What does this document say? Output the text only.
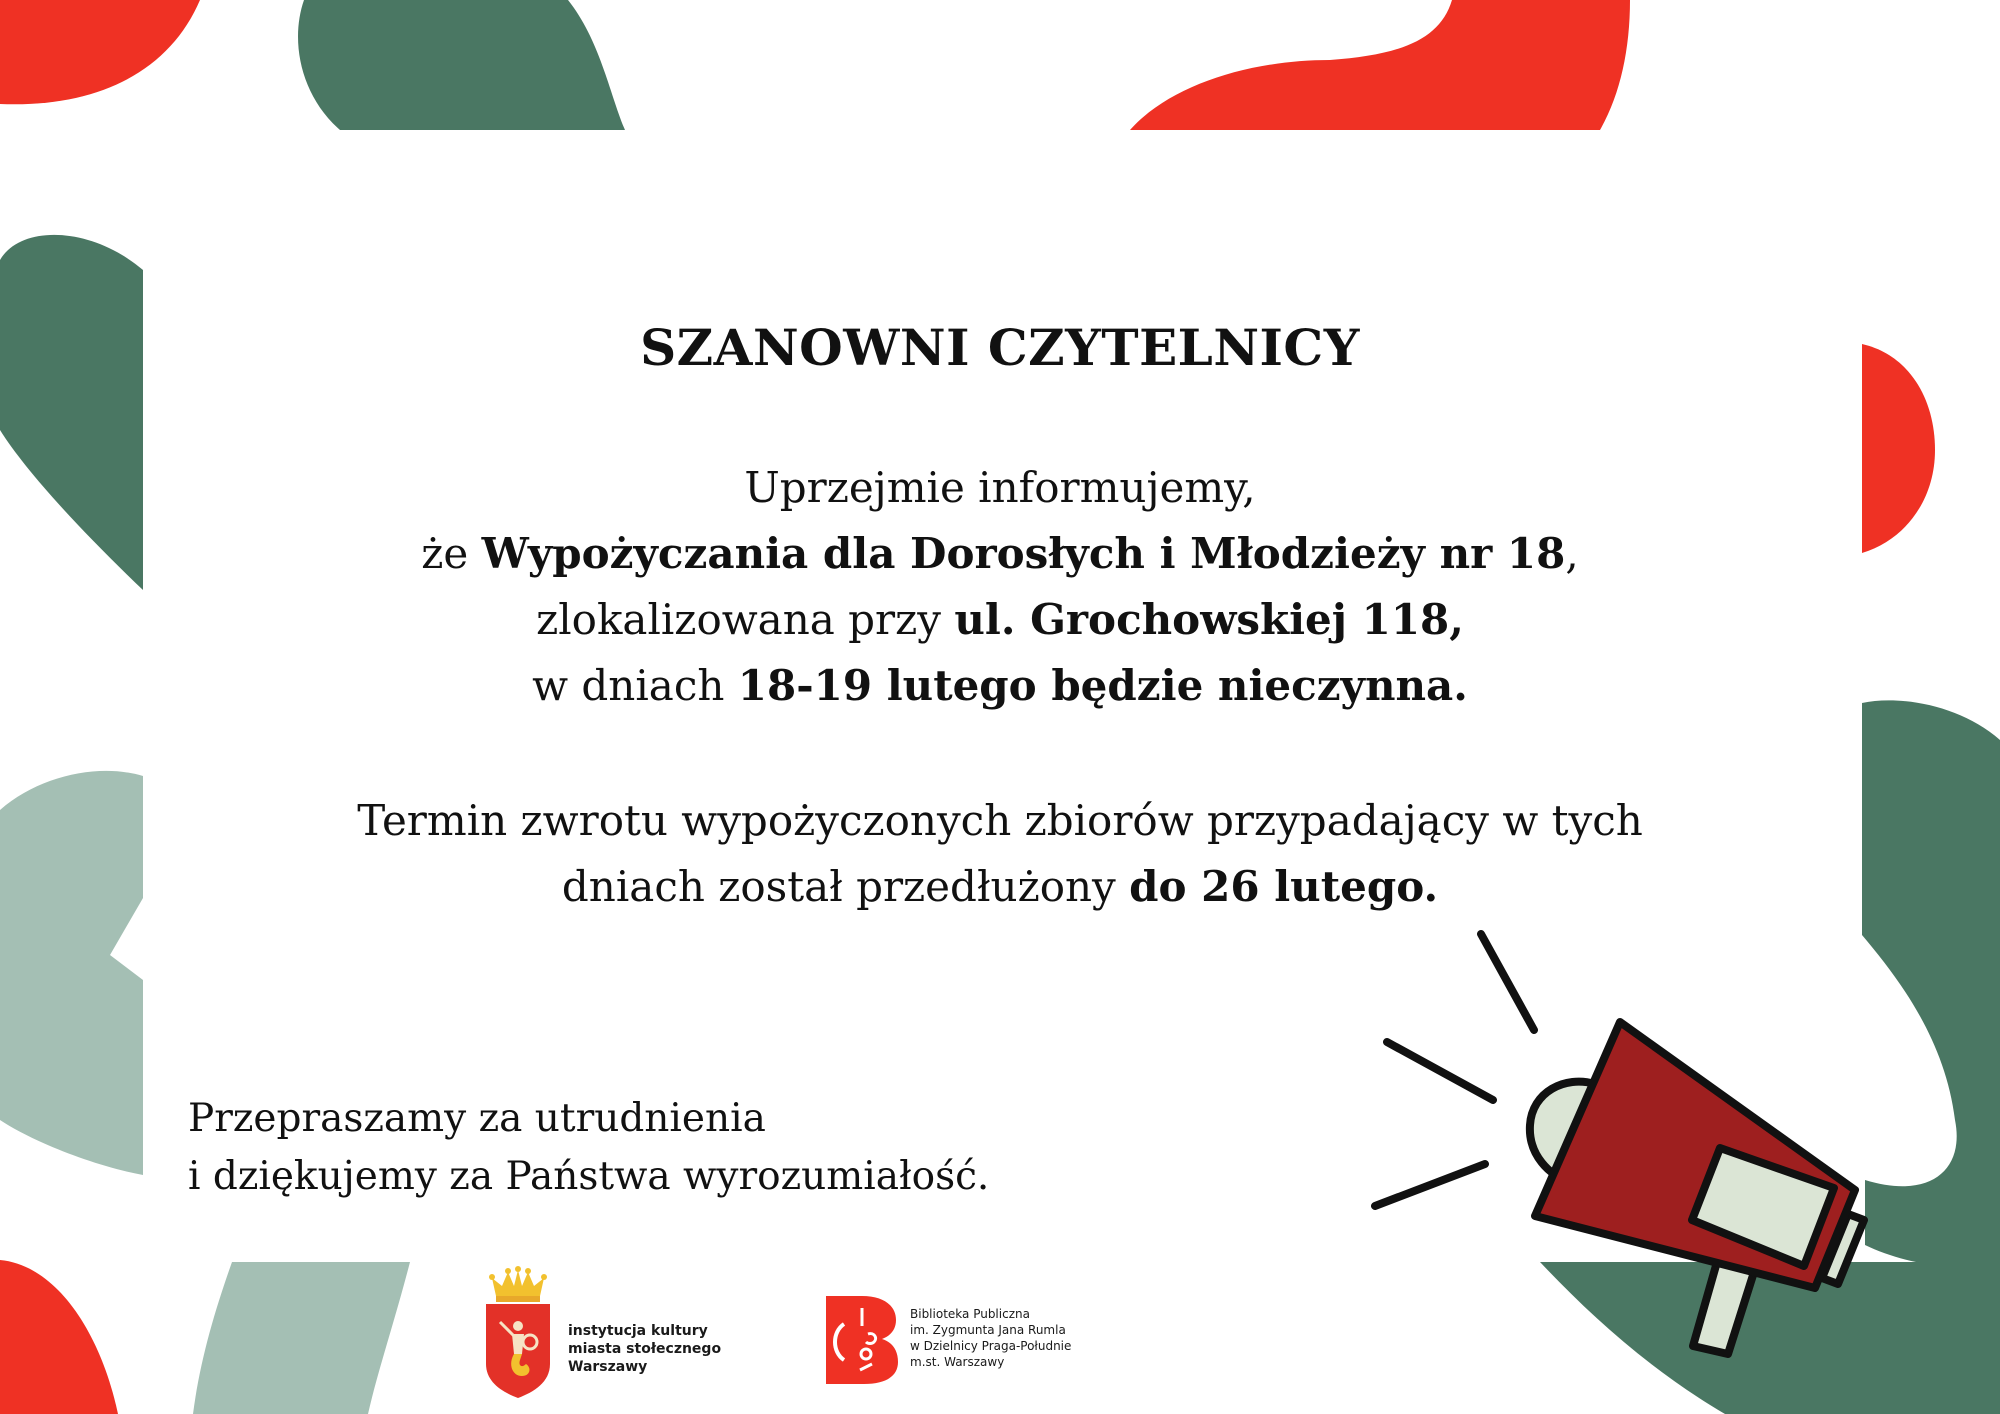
SZANOWNI CZYTELNICY
Uprzejmie informujemy,
że Wypożyczania dla Dorosłych i Młodzieży nr 18,
zlokalizowana przy ul. Grochowskiej 118,
w dniach 18-19 lutego będzie nieczynna.
Termin zwrotu wypożyczonych zbiorów przypadający w tych
dniach został przedłużony do 26 lutego.
Przepraszamy za utrudnienia
i dziękujemy za Państwa wyrozumiałość.
instytucja kultury
miasta stołecznego
Warszawy
Biblioteka Publiczna
im. Zygmunta Jana Rumla
w Dzielnicy Praga-Południe
m.st. Warszawy
